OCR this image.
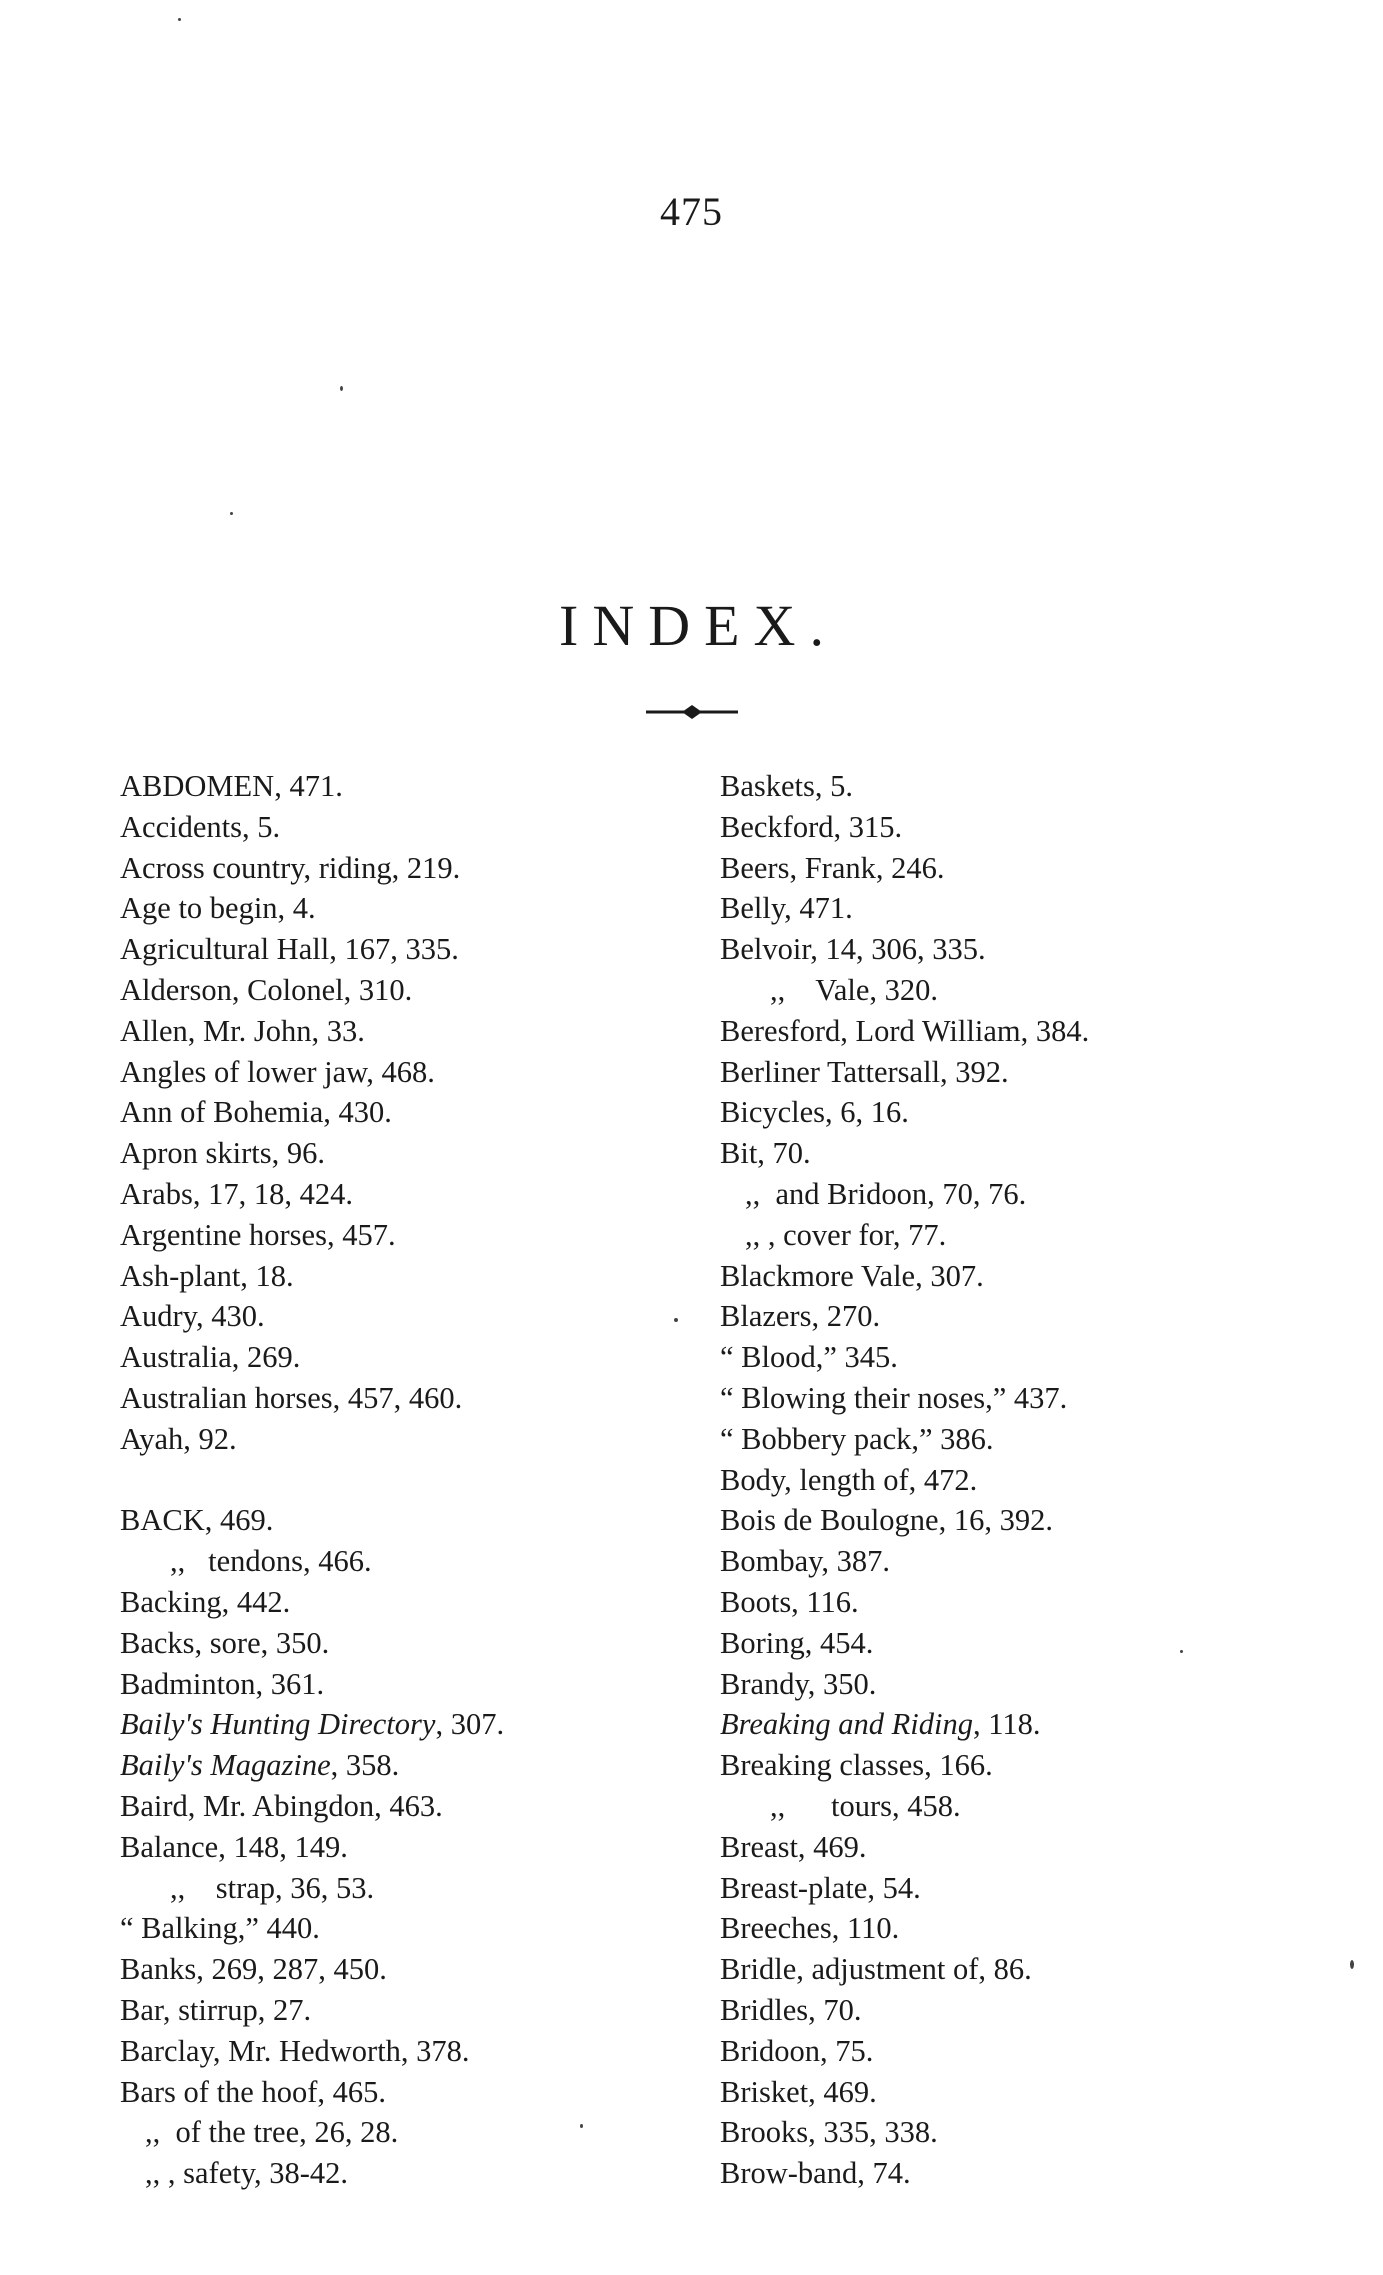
475
INDEX.
ABDOMEN, 471.
Accidents, 5.
Across country, riding, 219.
Age to begin, 4.
Agricultural Hall, 167, 335.
Alderson, Colonel, 310.
Allen, Mr. John, 33.
Angles of lower jaw, 468.
Ann of Bohemia, 430.
Apron skirts, 96.
Arabs, 17, 18, 424.
Argentine horses, 457.
Ash-plant, 18.
Audry, 430.
Australia, 269.
Australian horses, 457, 460.
Ayah, 92.
BACK, 469.
,,   tendons, 466.
Backing, 442.
Backs, sore, 350.
Badminton, 361.
Baily's Hunting Directory, 307.
Baily's Magazine, 358.
Baird, Mr. Abingdon, 463.
Balance, 148, 149.
,,    strap, 36, 53.
“ Balking,” 440.
Banks, 269, 287, 450.
Bar, stirrup, 27.
Barclay, Mr. Hedworth, 378.
Bars of the hoof, 465.
,,  of the tree, 26, 28.
,, , safety, 38-42.
Baskets, 5.
Beckford, 315.
Beers, Frank, 246.
Belly, 471.
Belvoir, 14, 306, 335.
,,    Vale, 320.
Beresford, Lord William, 384.
Berliner Tattersall, 392.
Bicycles, 6, 16.
Bit, 70.
,,  and Bridoon, 70, 76.
,, , cover for, 77.
Blackmore Vale, 307.
Blazers, 270.
“ Blood,” 345.
“ Blowing their noses,” 437.
“ Bobbery pack,” 386.
Body, length of, 472.
Bois de Boulogne, 16, 392.
Bombay, 387.
Boots, 116.
Boring, 454.
Brandy, 350.
Breaking and Riding, 118.
Breaking classes, 166.
,,      tours, 458.
Breast, 469.
Breast-plate, 54.
Breeches, 110.
Bridle, adjustment of, 86.
Bridles, 70.
Bridoon, 75.
Brisket, 469.
Brooks, 335, 338.
Brow-band, 74.
